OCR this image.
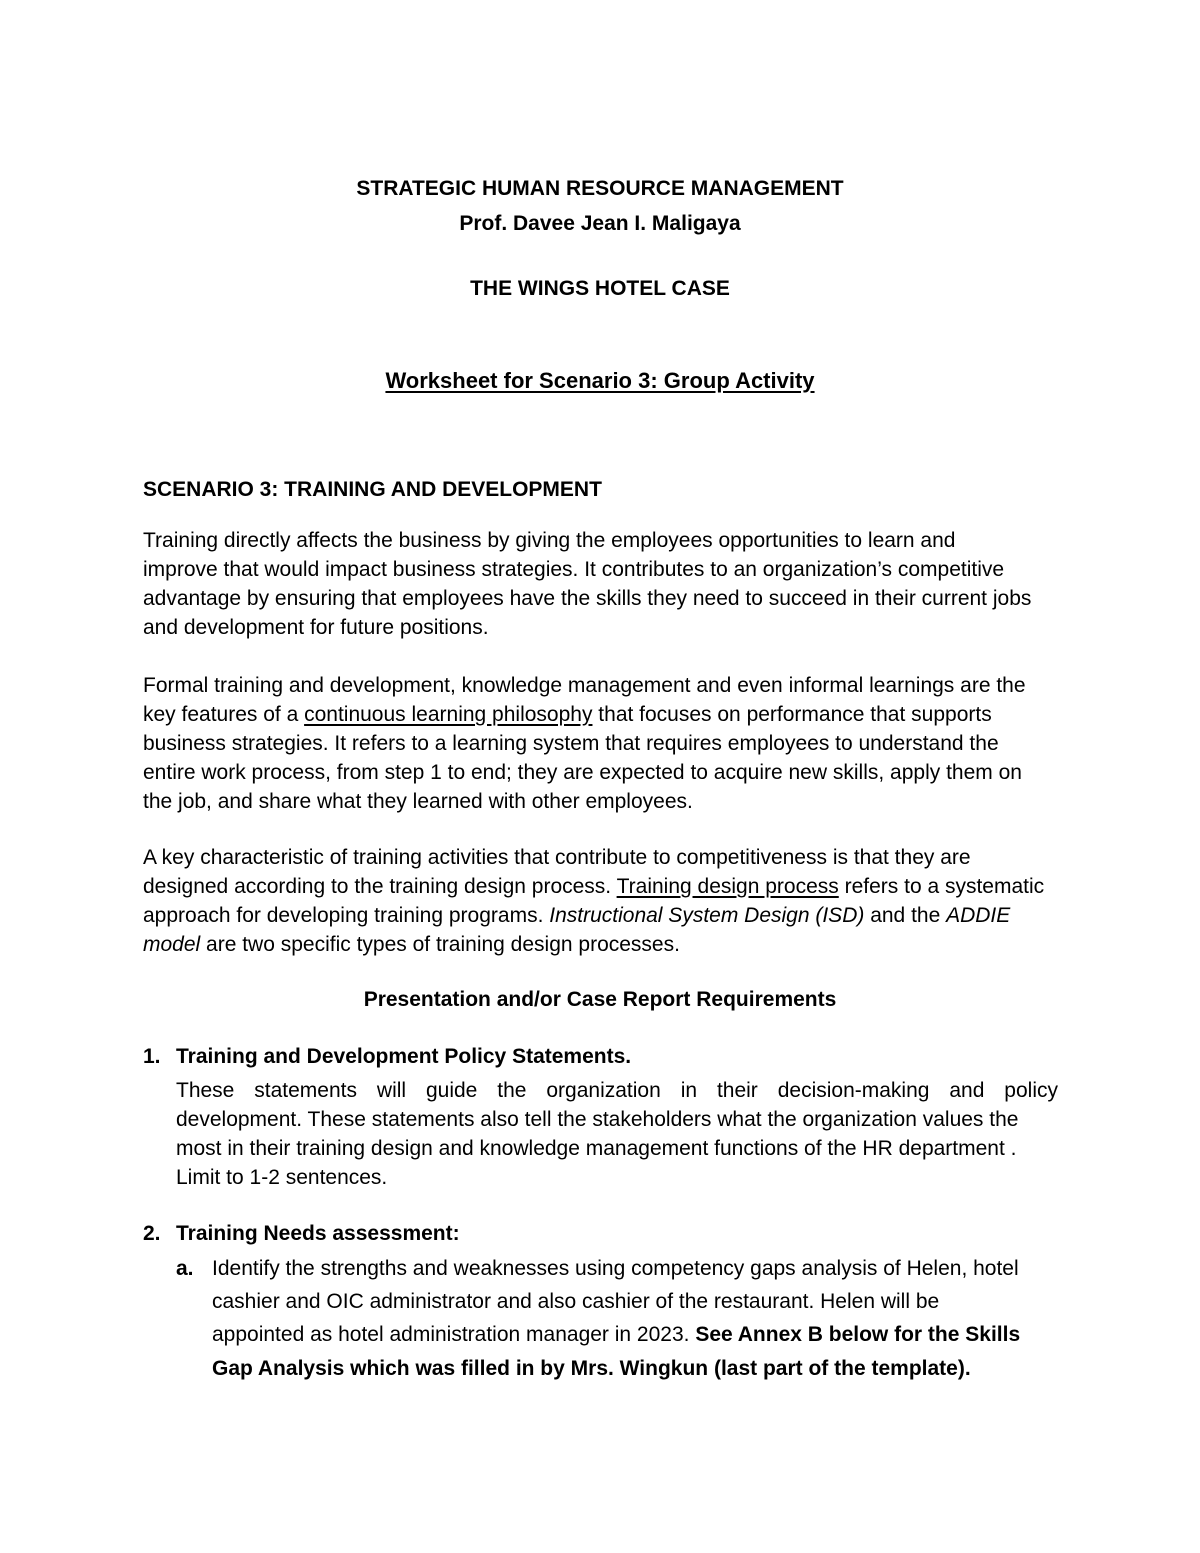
STRATEGIC HUMAN RESOURCE MANAGEMENT

Prof. Davee Jean I. Maligaya

THE WINGS HOTEL CASE

Worksheet for Scenario 3: Group Activity

SCENARIO 3: TRAINING AND DEVELOPMENT

Training directly affects the business by giving the employees opportunities to learn and

improve that would impact business strategies. It contributes to an organization’s competitive

advantage by ensuring that employees have the skills they need to succeed in their current jobs

and development for future positions.

Formal training and development, knowledge management and even informal learnings are the

key features of a continuous learning philosophy that focuses on performance that supports

business strategies. It refers to a learning system that requires employees to understand the

entire work process, from step 1 to end; they are expected to acquire new skills, apply them on

the job, and share what they learned with other employees.

A key characteristic of training activities that contribute to competitiveness is that they are

designed according to the training design process. Training design process refers to a systematic

approach for developing training programs. Instructional System Design (ISD) and the ADDIE

model are two specific types of training design processes.

Presentation and/or Case Report Requirements

1. Training and Development Policy Statements.

These statements will guide the organization in their decision-making and policy

development. These statements also tell the stakeholders what the organization values the

most in their training design and knowledge management functions of the HR department .

Limit to 1-2 sentences.

2. Training Needs assessment:

a. Identify the strengths and weaknesses using competency gaps analysis of Helen, hotel

cashier and OIC administrator and also cashier of the restaurant. Helen will be

appointed as hotel administration manager in 2023. See Annex B below for the Skills

Gap Analysis which was filled in by Mrs. Wingkun (last part of the template).
